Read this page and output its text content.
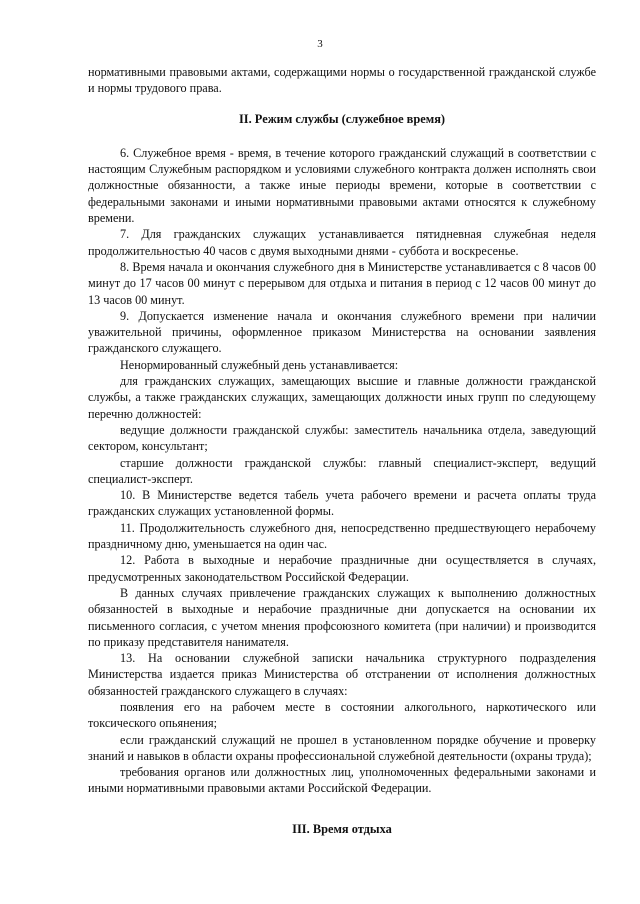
3

нормативными правовыми актами, содержащими нормы о государственной гражданской службе и нормы трудового права.

II. Режим службы (служебное время)

6. Служебное время - время, в течение которого гражданский служащий в соответствии с настоящим Служебным распорядком и условиями служебного контракта должен исполнять свои должностные обязанности, а также иные периоды времени, которые в соответствии с федеральными законами и иными нормативными правовыми актами относятся к служебному времени.

7. Для гражданских служащих устанавливается пятидневная служебная неделя продолжительностью 40 часов с двумя выходными днями - суббота и воскресенье.

8. Время начала и окончания служебного дня в Министерстве устанавливается с 8 часов 00 минут до 17 часов 00 минут с перерывом для отдыха и питания в период с 12 часов 00 минут до 13 часов 00 минут.

9. Допускается изменение начала и окончания служебного времени при наличии уважительной причины, оформленное приказом Министерства на основании заявления гражданского служащего.

Ненормированный служебный день устанавливается:

для гражданских служащих, замещающих высшие и главные должности гражданской службы, а также гражданских служащих, замещающих должности иных групп по следующему перечню должностей:

ведущие должности гражданской службы: заместитель начальника отдела, заведующий сектором, консультант;

старшие должности гражданской службы: главный специалист-эксперт, ведущий специалист-эксперт.

10. В Министерстве ведется табель учета рабочего времени и расчета оплаты труда гражданских служащих установленной формы.

11. Продолжительность служебного дня, непосредственно предшествующего нерабочему праздничному дню, уменьшается на один час.

12. Работа в выходные и нерабочие праздничные дни осуществляется в случаях, предусмотренных законодательством Российской Федерации.

В данных случаях привлечение гражданских служащих к выполнению должностных обязанностей в выходные и нерабочие праздничные дни допускается на основании их письменного согласия, с учетом мнения профсоюзного комитета (при наличии) и производится по приказу представителя нанимателя.

13. На основании служебной записки начальника структурного подразделения Министерства издается приказ Министерства об отстранении от исполнения должностных обязанностей гражданского служащего в случаях:

появления его на рабочем месте в состоянии алкогольного, наркотического или токсического опьянения;

если гражданский служащий не прошел в установленном порядке обучение и проверку знаний и навыков в области охраны профессиональной служебной деятельности (охраны труда);

требования органов или должностных лиц, уполномоченных федеральными законами и иными нормативными правовыми актами Российской Федерации.

III. Время отдыха
